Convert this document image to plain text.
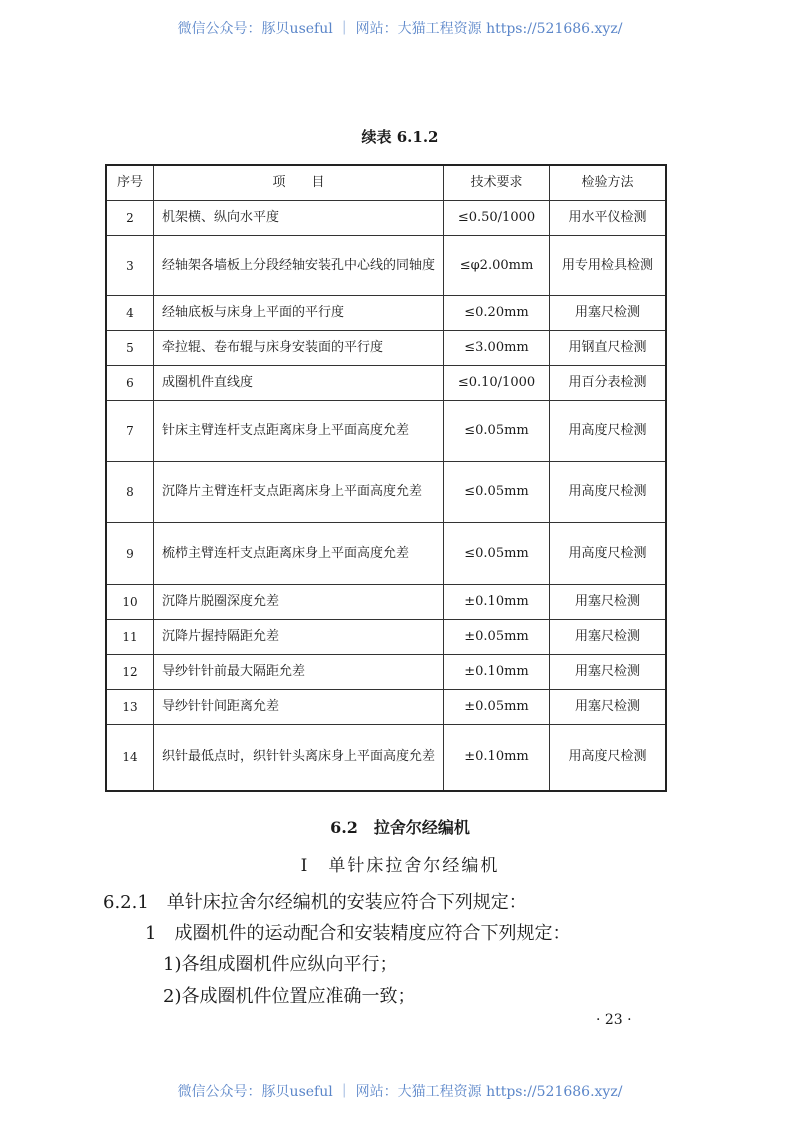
微信公众号：豚贝useful ｜ 网站：大猫工程资源 https://521686.xyz/
续表 6.1.2
序号	项　　目	技术要求	检验方法
2	机架横、纵向水平度	≤0.50/1000	用水平仪检测
3	经轴架各墙板上分段经轴安装孔中心线的同轴度	≤φ2.00mm	用专用检具检测
4	经轴底板与床身上平面的平行度	≤0.20mm	用塞尺检测
5	牵拉辊、卷布辊与床身安装面的平行度	≤3.00mm	用钢直尺检测
6	成圈机件直线度	≤0.10/1000	用百分表检测
7	针床主臂连杆支点距离床身上平面高度允差	≤0.05mm	用高度尺检测
8	沉降片主臂连杆支点距离床身上平面高度允差	≤0.05mm	用高度尺检测
9	梳栉主臂连杆支点距离床身上平面高度允差	≤0.05mm	用高度尺检测
10	沉降片脱圈深度允差	±0.10mm	用塞尺检测
11	沉降片握持隔距允差	±0.05mm	用塞尺检测
12	导纱针针前最大隔距允差	±0.10mm	用塞尺检测
13	导纱针针间距离允差	±0.05mm	用塞尺检测
14	织针最低点时，织针针头离床身上平面高度允差	±0.10mm	用高度尺检测
6.2　拉舍尔经编机
Ⅰ　单针床拉舍尔经编机
6.2.1　单针床拉舍尔经编机的安装应符合下列规定：
1　成圈机件的运动配合和安装精度应符合下列规定：
1)各组成圈机件应纵向平行；
2)各成圈机件位置应准确一致；
· 23 ·
微信公众号：豚贝useful ｜ 网站：大猫工程资源 https://521686.xyz/
